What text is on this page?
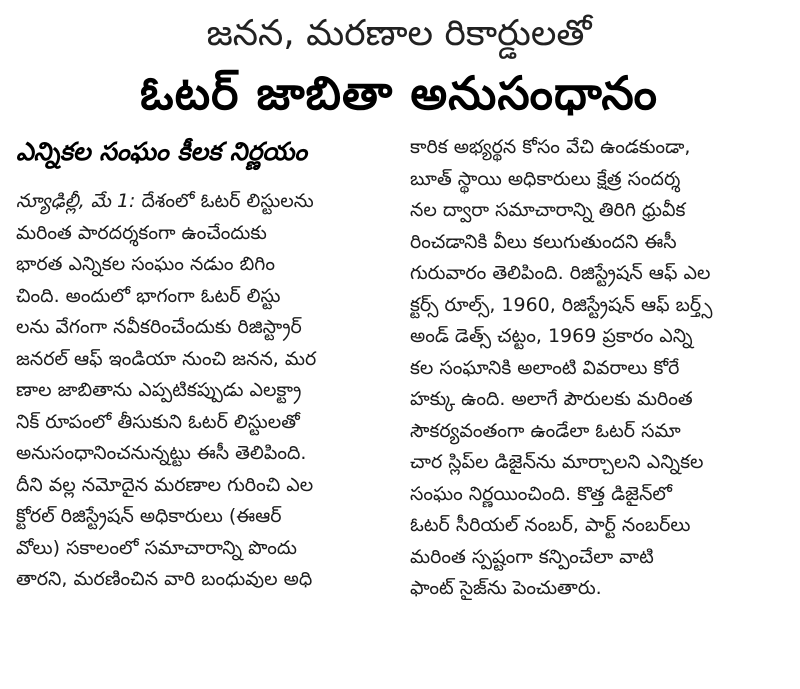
జనన, మరణాల రికార్డులతో
ఓటర్ జాబితా అనుసంధానం
ఎన్నికల సంఘం కీలక నిర్ణయం
న్యూఢిల్లీ, మే 1: దేశంలో ఓటర్ లిస్టులను
మరింత పారదర్శకంగా ఉంచేందుకు
భారత ఎన్నికల సంఘం నడుం బిగిం
చింది. అందులో భాగంగా ఓటర్ లిస్టు
లను వేగంగా నవీకరించేందుకు రిజిస్ట్రార్
జనరల్ ఆఫ్ ఇండియా నుంచి జనన, మర
ణాల జాబితాను ఎప్పటికప్పుడు ఎలక్ట్రా
నిక్ రూపంలో తీసుకుని ఓటర్ లిస్టులతో
అనుసంధానించనున్నట్టు ఈసీ తెలిపింది.
దీని వల్ల నమోదైన మరణాల గురించి ఎల
క్టోరల్ రిజిస్ట్రేషన్ అధికారులు (ఈఆర్
వోలు) సకాలంలో సమాచారాన్ని పొందు
తారని, మరణించిన వారి బంధువుల అధి
కారిక అభ్యర్థన కోసం వేచి ఉండకుండా,
బూత్ స్థాయి అధికారులు క్షేత్ర సందర్శ
నల ద్వారా సమాచారాన్ని తిరిగి ధ్రువీక
రించడానికి వీలు కలుగుతుందని ఈసీ
గురువారం తెలిపింది. రిజిస్ట్రేషన్ ఆఫ్ ఎల
క్టర్స్ రూల్స్, 1960, రిజిస్ట్రేషన్ ఆఫ్ బర్త్స్
అండ్ డెత్స్ చట్టం, 1969 ప్రకారం ఎన్ని
కల సంఘానికి అలాంటి వివరాలు కోరే
హక్కు ఉంది. అలాగే పౌరులకు మరింత
సౌకర్యవంతంగా ఉండేలా ఓటర్ సమా
చార స్లిప్‌ల డిజైన్‌ను మార్చాలని ఎన్నికల
సంఘం నిర్ణయించింది. కొత్త డిజైన్‌లో
ఓటర్ సీరియల్ నంబర్, పార్ట్ నంబర్‌లు
మరింత స్పష్టంగా కన్పించేలా వాటి
ఫాంట్ సైజ్‌ను పెంచుతారు.
